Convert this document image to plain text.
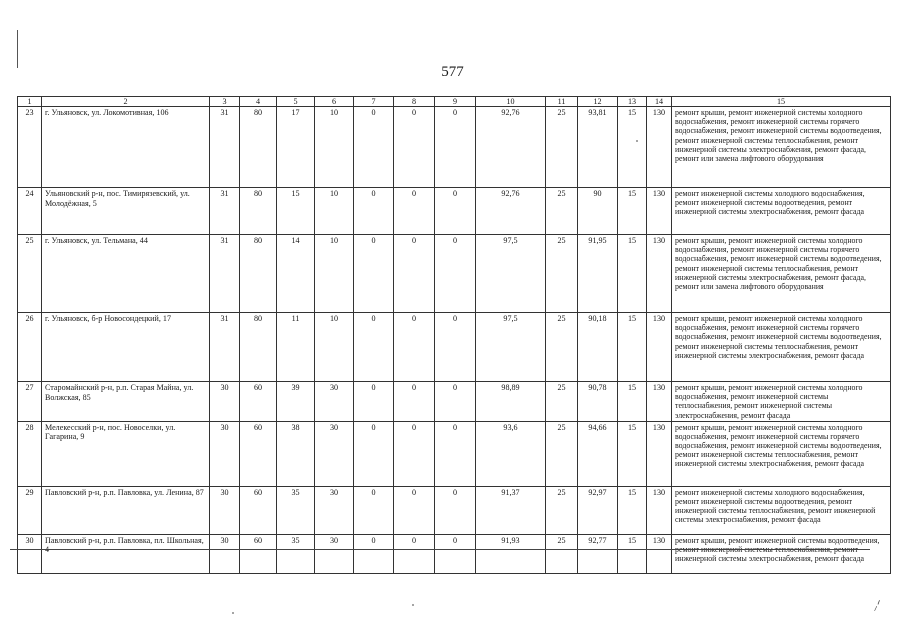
577
1	2	3	4	5	6	7	8	9	10	11	12	13	14	15
23	г. Ульяновск, ул. Локомотивная, 106	31	80	17	10	0	0	0	92,76	25	93,81	15	130	ремонт крыши, ремонт инженерной системы холодного водоснабжения, ремонт инженерной системы горячего водоснабжения, ремонт инженерной системы водоотведения, ремонт инженерной системы теплоснабжения, ремонт инженерной системы электроснабжения, ремонт фасада, ремонт или замена лифтового оборудования
24	Ульяновский р-н, пос. Тимирязевский, ул. Молодёжная, 5	31	80	15	10	0	0	0	92,76	25	90	15	130	ремонт инженерной системы холодного водоснабжения, ремонт инженерной системы водоотведения, ремонт инженерной системы электроснабжения, ремонт фасада
25	г. Ульяновск, ул. Тельмана, 44	31	80	14	10	0	0	0	97,5	25	91,95	15	130	ремонт крыши, ремонт инженерной системы холодного водоснабжения, ремонт инженерной системы горячего водоснабжения, ремонт инженерной системы водоотведения, ремонт инженерной системы теплоснабжения, ремонт инженерной системы электроснабжения, ремонт фасада, ремонт или замена лифтового оборудования
26	г. Ульяновск, б-р Новосондецкий, 17	31	80	11	10	0	0	0	97,5	25	90,18	15	130	ремонт крыши, ремонт инженерной системы холодного водоснабжения, ремонт инженерной системы горячего водоснабжения, ремонт инженерной системы водоотведения, ремонт инженерной системы теплоснабжения, ремонт инженерной системы электроснабжения, ремонт фасада
27	Старомайнский р-н, р.п. Старая Майна, ул. Волжская, 85	30	60	39	30	0	0	0	98,89	25	90,78	15	130	ремонт крыши, ремонт инженерной системы холодного водоснабжения, ремонт инженерной системы теплоснабжения, ремонт инженерной системы электроснабжения, ремонт фасада
28	Мелекесский р-н, пос. Новоселки, ул. Гагарина, 9	30	60	38	30	0	0	0	93,6	25	94,66	15	130	ремонт крыши, ремонт инженерной системы холодного водоснабжения, ремонт инженерной системы горячего водоснабжения, ремонт инженерной системы водоотведения, ремонт инженерной системы теплоснабжения, ремонт инженерной системы электроснабжения, ремонт фасада
29	Павловский р-н, р.п. Павловка, ул. Ленина, 87	30	60	35	30	0	0	0	91,37	25	92,97	15	130	ремонт инженерной системы холодного водоснабжения, ремонт инженерной системы водоотведения, ремонт инженерной системы теплоснабжения, ремонт инженерной системы электроснабжения, ремонт фасада
30	Павловский р-н, р.п. Павловка, пл. Школьная,	30	60	35	30	0	0	0	91,93	25	92,77	15	130	ремонт крыши, ремонт инженерной системы водоотведения, инженерной системы электроснабжения, ремонт фасада
⸝ᐟ
